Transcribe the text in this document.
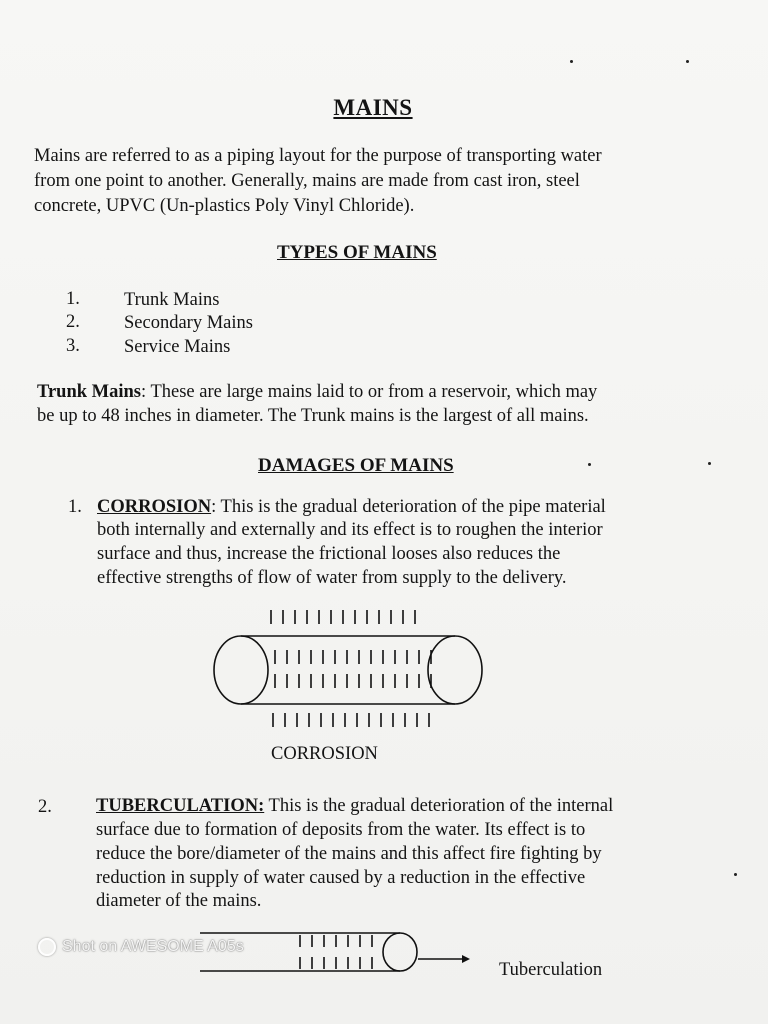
MAINS
Mains are referred to as a piping layout for the purpose of transporting water
from one point to another. Generally, mains are made from cast iron, steel
concrete, UPVC (Un-plastics Poly Vinyl Chloride).
TYPES OF MAINS
1. Trunk Mains
2. Secondary Mains
3. Service Mains
Trunk Mains: These are large mains laid to or from a reservoir, which may
be up to 48 inches in diameter. The Trunk mains is the largest of all mains.
DAMAGES OF MAINS
1. CORROSION: This is the gradual deterioration of the pipe material
both internally and externally and its effect is to roughen the interior
surface and thus, increase the frictional looses also reduces the
effective strengths of flow of water from supply to the delivery.
CORROSION
2. TUBERCULATION: This is the gradual deterioration of the internal
surface due to formation of deposits from the water. Its effect is to
reduce the bore/diameter of the mains and this affect fire fighting by
reduction in supply of water caused by a reduction in the effective
diameter of the mains.
Tuberculation
Shot on AWESOME A05s
